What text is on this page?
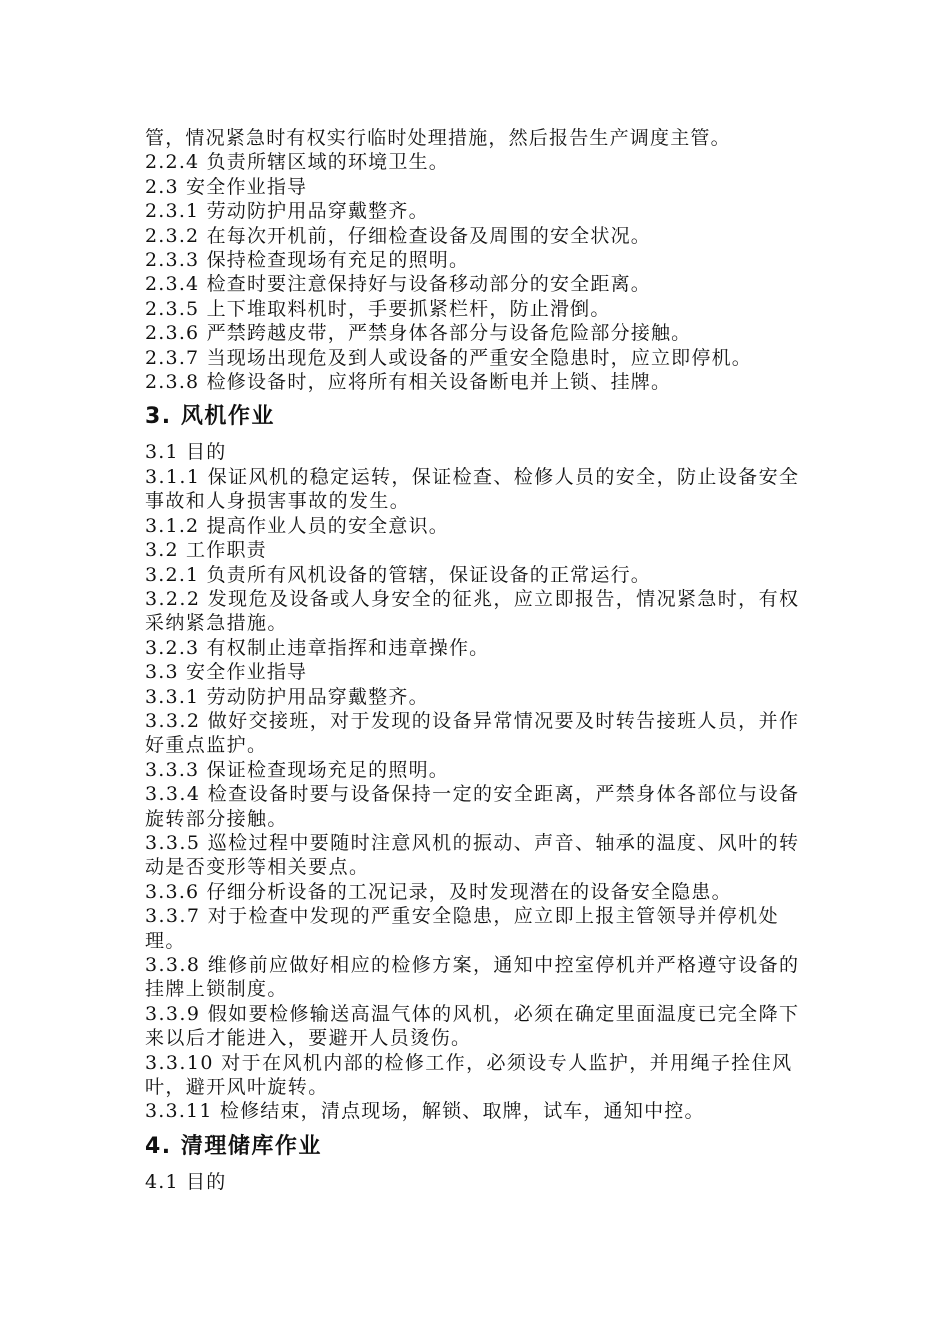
管，情况紧急时有权实行临时处理措施，然后报告生产调度主管。
2.2.4 负责所辖区域的环境卫生。
2.3 安全作业指导
2.3.1 劳动防护用品穿戴整齐。
2.3.2 在每次开机前，仔细检查设备及周围的安全状况。
2.3.3 保持检查现场有充足的照明。
2.3.4 检查时要注意保持好与设备移动部分的安全距离。
2.3.5 上下堆取料机时，手要抓紧栏杆，防止滑倒。
2.3.6 严禁跨越皮带，严禁身体各部分与设备危险部分接触。
2.3.7 当现场出现危及到人或设备的严重安全隐患时，应立即停机。
2.3.8 检修设备时，应将所有相关设备断电并上锁、挂牌。
3. 风机作业
3.1 目的
3.1.1 保证风机的稳定运转，保证检查、检修人员的安全，防止设备安全事故和人身损害事故的发生。
3.1.2 提高作业人员的安全意识。
3.2 工作职责
3.2.1 负责所有风机设备的管辖，保证设备的正常运行。
3.2.2 发现危及设备或人身安全的征兆，应立即报告，情况紧急时，有权采纳紧急措施。
3.2.3 有权制止违章指挥和违章操作。
3.3 安全作业指导
3.3.1 劳动防护用品穿戴整齐。
3.3.2 做好交接班，对于发现的设备异常情况要及时转告接班人员，并作好重点监护。
3.3.3 保证检查现场充足的照明。
3.3.4 检查设备时要与设备保持一定的安全距离，严禁身体各部位与设备旋转部分接触。
3.3.5 巡检过程中要随时注意风机的振动、声音、轴承的温度、风叶的转动是否变形等相关要点。
3.3.6 仔细分析设备的工况记录，及时发现潜在的设备安全隐患。
3.3.7 对于检查中发现的严重安全隐患，应立即上报主管领导并停机处理。
3.3.8 维修前应做好相应的检修方案，通知中控室停机并严格遵守设备的挂牌上锁制度。
3.3.9 假如要检修输送高温气体的风机，必须在确定里面温度已完全降下来以后才能进入，要避开人员烫伤。
3.3.10 对于在风机内部的检修工作，必须设专人监护，并用绳子拴住风叶，避开风叶旋转。
3.3.11 检修结束，清点现场，解锁、取牌，试车，通知中控。
4. 清理储库作业
4.1 目的
